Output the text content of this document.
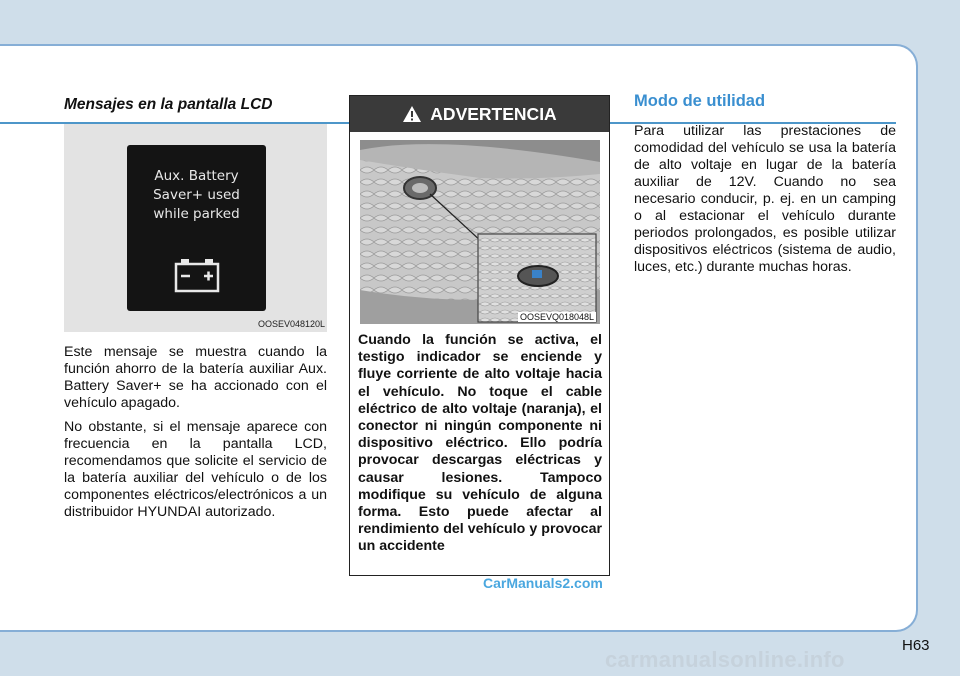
Mensajes en la pantalla LCD
Aux. Battery
Saver+ used
while parked
OOSEV048120L

Este mensaje se muestra cuando la función ahorro de la batería auxiliar Aux. Battery Saver+ se ha accionado con el vehículo apagado.

No obstante, si el mensaje aparece con frecuencia en la pantalla LCD, recomendamos que solicite el servicio de la batería auxiliar del vehículo o de los componentes eléctricos/electrónicos a un distribuidor HYUNDAI autorizado.

ADVERTENCIA
OOSEVQ018048L

Cuando la función se activa, el testigo indicador se enciende y fluye corriente de alto voltaje hacia el vehículo. No toque el cable eléctrico de alto voltaje (naranja), el conector ni ningún componente ni dispositivo eléctrico. Ello podría provocar descargas eléctricas y causar lesiones. Tampoco modifique su vehículo de alguna forma. Esto puede afectar al rendimiento del vehículo y provocar un accidente

Modo de utilidad

Para utilizar las prestaciones de comodidad del vehículo se usa la batería de alto voltaje en lugar de la batería auxiliar de 12V. Cuando no sea necesario conducir, p. ej. en un camping o al estacionar el vehículo durante periodos prolongados, es posible utilizar dispositivos eléctricos (sistema de audio, luces, etc.) durante muchas horas.

CarManuals2.com
H63
carmanualsonline.info
